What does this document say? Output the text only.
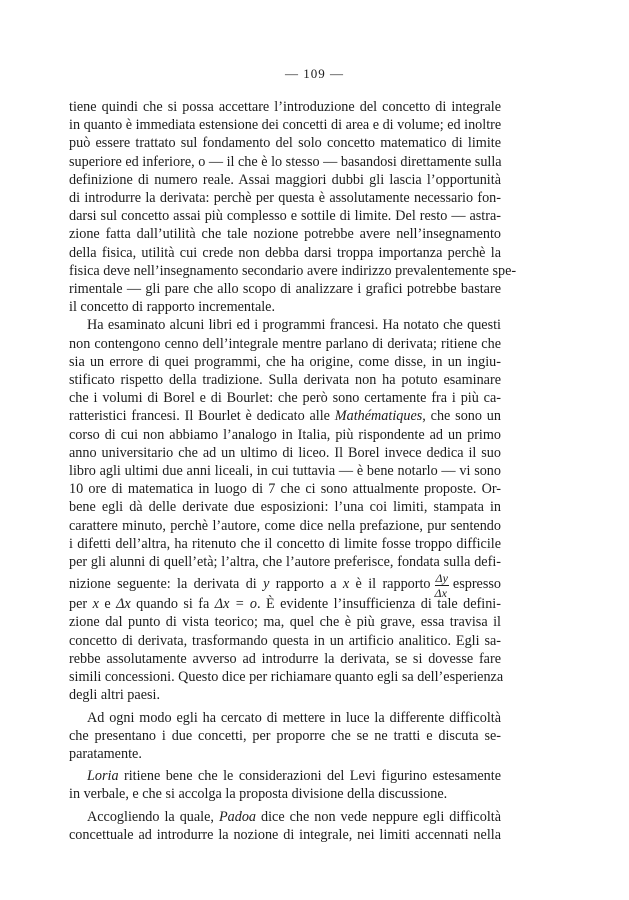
— 109 —
tiene quindi che si possa accettare l’introduzione del concetto di integrale
in quanto è immediata estensione dei concetti di area e di volume; ed inoltre
può essere trattato sul fondamento del solo concetto matematico di limite
superiore ed inferiore, o — il che è lo stesso — basandosi direttamente sulla
definizione di numero reale. Assai maggiori dubbi gli lascia l’opportunità
di introdurre la derivata: perchè per questa è assolutamente necessario fon-
darsi sul concetto assai più complesso e sottile di limite. Del resto — astra-
zione fatta dall’utilità che tale nozione potrebbe avere nell’insegnamento
della fisica, utilità cui crede non debba darsi troppa importanza perchè la
fisica deve nell’insegnamento secondario avere indirizzo prevalentemente spe-
rimentale — gli pare che allo scopo di analizzare i grafici potrebbe bastare
il concetto di rapporto incrementale.
Ha esaminato alcuni libri ed i programmi francesi. Ha notato che questi
non contengono cenno dell’integrale mentre parlano di derivata; ritiene che
sia un errore di quei programmi, che ha origine, come disse, in un ingiu-
stificato rispetto della tradizione. Sulla derivata non ha potuto esaminare
che i volumi di Borel e di Bourlet: che però sono certamente fra i più ca-
ratteristici francesi. Il Bourlet è dedicato alle Mathématiques, che sono un
corso di cui non abbiamo l’analogo in Italia, più rispondente ad un primo
anno universitario che ad un ultimo di liceo. Il Borel invece dedica il suo
libro agli ultimi due anni liceali, in cui tuttavia — è bene notarlo — vi sono
10 ore di matematica in luogo di 7 che ci sono attualmente proposte. Or-
bene egli dà delle derivate due esposizioni: l’una coi limiti, stampata in
carattere minuto, perchè l’autore, come dice nella prefazione, pur sentendo
i difetti dell’altra, ha ritenuto che il concetto di limite fosse troppo difficile
per gli alunni di quell’età; l’altra, che l’autore preferisce, fondata sulla defi-
nizione seguente: la derivata di y rapporto a x è il rapporto $\frac{\Delta y}{\Delta x}$ espresso
per x e Δx quando si fa Δx = o. È evidente l’insufficienza di tale defini-
zione dal punto di vista teorico; ma, quel che è più grave, essa travisa il
concetto di derivata, trasformando questa in un artificio analitico. Egli sa-
rebbe assolutamente avverso ad introdurre la derivata, se si dovesse fare
simili concessioni. Questo dice per richiamare quanto egli sa dell’esperienza
degli altri paesi.
Ad ogni modo egli ha cercato di mettere in luce la differente difficoltà
che presentano i due concetti, per proporre che se ne tratti e discuta se-
paratamente.
Loria ritiene bene che le considerazioni del Levi figurino estesamente
in verbale, e che si accolga la proposta divisione della discussione.
Accogliendo la quale, Padoa dice che non vede neppure egli difficoltà
concettuale ad introdurre la nozione di integrale, nei limiti accennati nella
